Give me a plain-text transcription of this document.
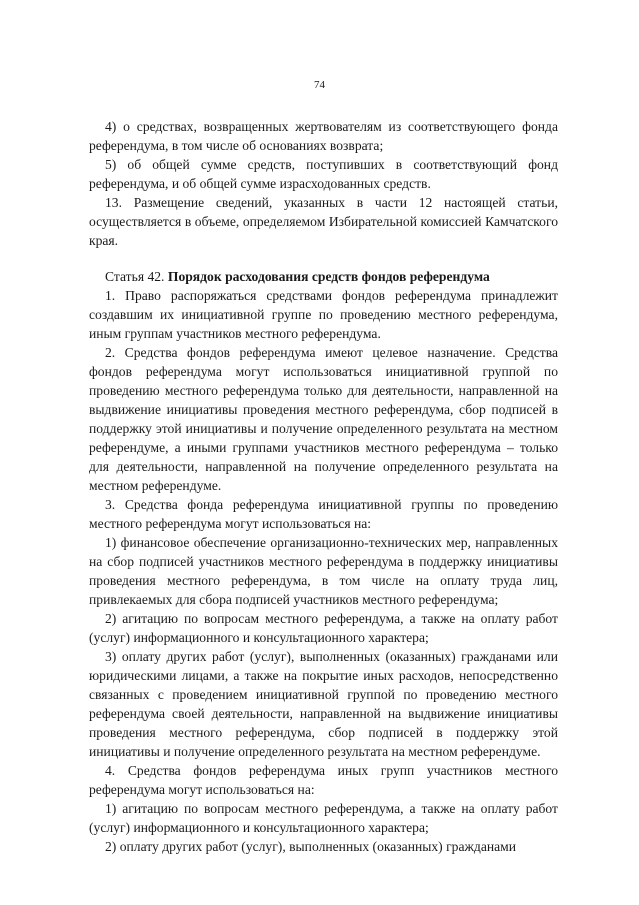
74

4) о средствах, возвращенных жертвователям из соответствующего фонда референдума, в том числе об основаниях возврата;

5) об общей сумме средств, поступивших в соответствующий фонд референдума, и об общей сумме израсходованных средств.

13. Размещение сведений, указанных в части 12 настоящей статьи, осуществляется в объеме, определяемом Избирательной комиссией Камчатского края.

Статья 42. Порядок расходования средств фондов референдума

1. Право распоряжаться средствами фондов референдума принадлежит создавшим их инициативной группе по проведению местного референдума, иным группам участников местного референдума.

2. Средства фондов референдума имеют целевое назначение. Средства фондов референдума могут использоваться инициативной группой по проведению местного референдума только для деятельности, направленной на выдвижение инициативы проведения местного референдума, сбор подписей в поддержку этой инициативы и получение определенного результата на местном референдуме, а иными группами участников местного референдума – только для деятельности, направленной на получение определенного результата на местном референдуме.

3. Средства фонда референдума инициативной группы по проведению местного референдума могут использоваться на:

1) финансовое обеспечение организационно-технических мер, направленных на сбор подписей участников местного референдума в поддержку инициативы проведения местного референдума, в том числе на оплату труда лиц, привлекаемых для сбора подписей участников местного референдума;

2) агитацию по вопросам местного референдума, а также на оплату работ (услуг) информационного и консультационного характера;

3) оплату других работ (услуг), выполненных (оказанных) гражданами или юридическими лицами, а также на покрытие иных расходов, непосредственно связанных с проведением инициативной группой по проведению местного референдума своей деятельности, направленной на выдвижение инициативы проведения местного референдума, сбор подписей в поддержку этой инициативы и получение определенного результата на местном референдуме.

4. Средства фондов референдума иных групп участников местного референдума могут использоваться на:

1) агитацию по вопросам местного референдума, а также на оплату работ (услуг) информационного и консультационного характера;

2) оплату других работ (услуг), выполненных (оказанных) гражданами
